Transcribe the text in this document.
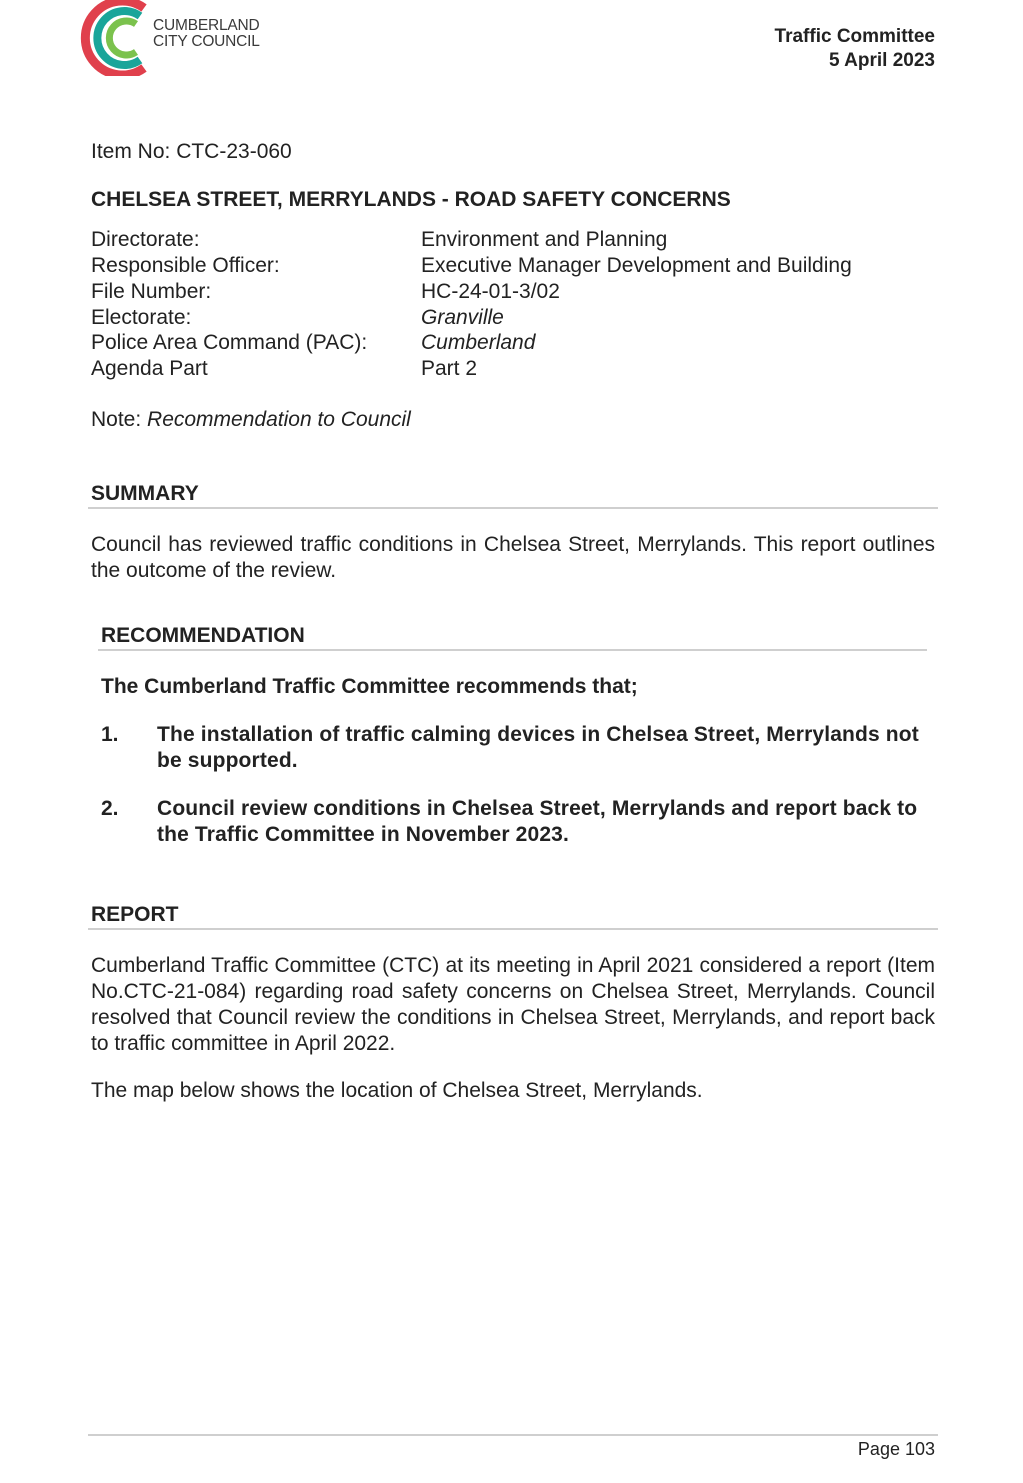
CUMBERLAND
CITY COUNCIL	Traffic Committee
5 April 2023
Item No: CTC-23-060
CHELSEA STREET, MERRYLANDS - ROAD SAFETY CONCERNS
Directorate:	Environment and Planning
Responsible Officer:	Executive Manager Development and Building
File Number:	HC-24-01-3/02
Electorate:	Granville
Police Area Command (PAC):	Cumberland
Agenda Part	Part 2
Note: Recommendation to Council
SUMMARY
Council has reviewed traffic conditions in Chelsea Street, Merrylands. This report outlines the outcome of the review.
RECOMMENDATION
The Cumberland Traffic Committee recommends that;
1. The installation of traffic calming devices in Chelsea Street, Merrylands not be supported.
2. Council review conditions in Chelsea Street, Merrylands and report back to the Traffic Committee in November 2023.
REPORT
Cumberland Traffic Committee (CTC) at its meeting in April 2021 considered a report (Item No.CTC-21-084) regarding road safety concerns on Chelsea Street, Merrylands. Council resolved that Council review the conditions in Chelsea Street, Merrylands, and report back to traffic committee in April 2022.
The map below shows the location of Chelsea Street, Merrylands.
Page 103
